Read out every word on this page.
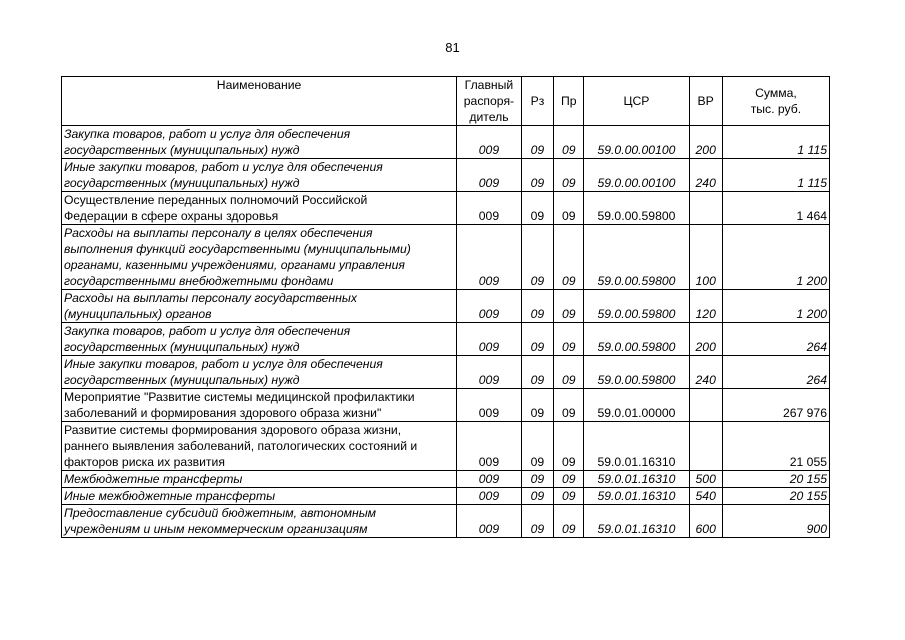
81
Наименование	Главный
распоря-
дитель	Рз	Пр	ЦСР	ВР	Сумма,
тыс. руб.
Закупка товаров, работ и услуг для обеспечения
государственных (муниципальных) нужд	009	09	09	59.0.00.00100	200	1 115
Иные закупки товаров, работ и услуг для обеспечения
государственных (муниципальных) нужд	009	09	09	59.0.00.00100	240	1 115
Осуществление переданных полномочий Российской
Федерации в сфере охраны здоровья	009	09	09	59.0.00.59800		1 464
Расходы на выплаты персоналу в целях обеспечения
выполнения функций государственными (муниципальными)
органами, казенными учреждениями, органами управления
государственными внебюджетными фондами	009	09	09	59.0.00.59800	100	1 200
Расходы на выплаты персоналу государственных
(муниципальных) органов	009	09	09	59.0.00.59800	120	1 200
Закупка товаров, работ и услуг для обеспечения
государственных (муниципальных) нужд	009	09	09	59.0.00.59800	200	264
Иные закупки товаров, работ и услуг для обеспечения
государственных (муниципальных) нужд	009	09	09	59.0.00.59800	240	264
Мероприятие "Развитие системы медицинской профилактики
заболеваний и формирования здорового образа жизни"	009	09	09	59.0.01.00000		267 976
Развитие системы формирования здорового образа жизни,
раннего выявления заболеваний, патологических состояний и
факторов риска их развития	009	09	09	59.0.01.16310		21 055
Межбюджетные трансферты	009	09	09	59.0.01.16310	500	20 155
Иные межбюджетные трансферты	009	09	09	59.0.01.16310	540	20 155
Предоставление субсидий бюджетным, автономным
учреждениям и иным некоммерческим организациям	009	09	09	59.0.01.16310	600	900
